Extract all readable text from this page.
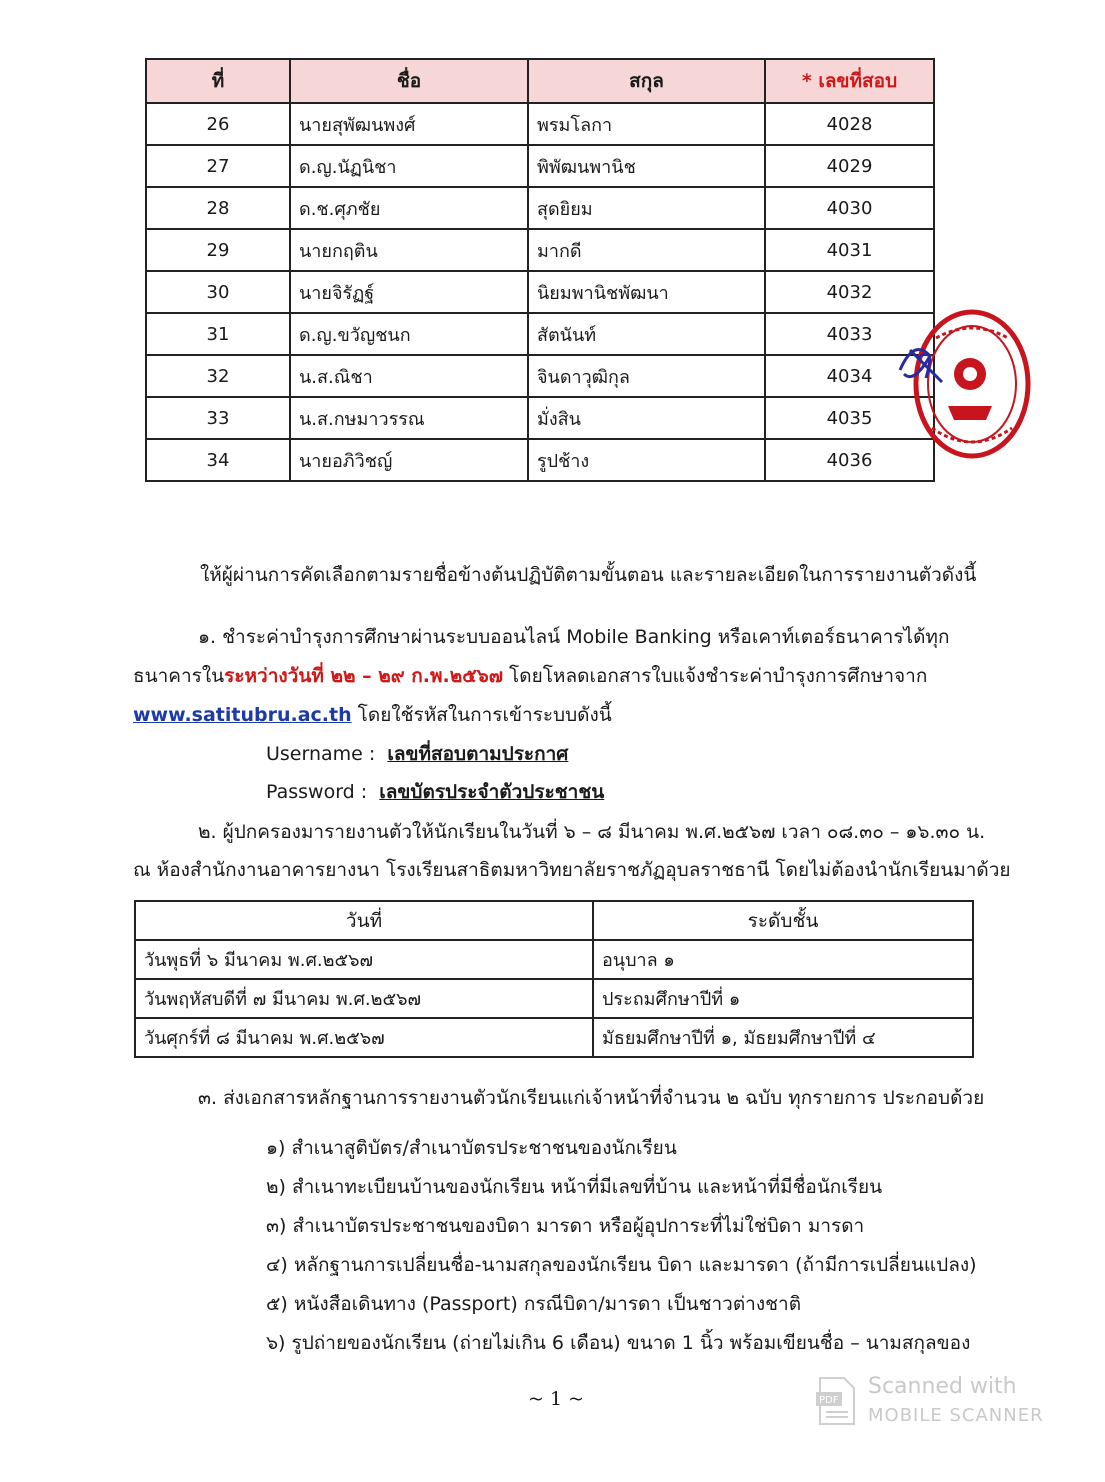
ที่	ชื่อ	สกุล	* เลขที่สอบ
26	นายสุพัฒนพงศ์	พรมโลกา	4028
27	ด.ญ.นัฏนิชา	พิพัฒนพานิช	4029
28	ด.ช.ศุภชัย	สุดยิยม	4030
29	นายกฤติน	มากดี	4031
30	นายจิรัฏฐ์	นิยมพานิชพัฒนา	4032
31	ด.ญ.ขวัญชนก	สัตนันท์	4033
32	น.ส.ณิชา	จินดาวุฒิกุล	4034
33	น.ส.กษมาวรรณ	มั่งสิน	4035
34	นายอภิวิชญ์	รูปช้าง	4036
ให้ผู้ผ่านการคัดเลือกตามรายชื่อข้างต้นปฏิบัติตามขั้นตอน และรายละเอียดในการรายงานตัวดังนี้
๑. ชำระค่าบำรุงการศึกษาผ่านระบบออนไลน์ Mobile Banking หรือเคาท์เตอร์ธนาคารได้ทุก
ธนาคารในระหว่างวันที่ ๒๒ – ๒๙ ก.พ.๒๕๖๗ โดยโหลดเอกสารใบแจ้งชำระค่าบำรุงการศึกษาจาก
www.satitubru.ac.th โดยใช้รหัสในการเข้าระบบดังนี้
Username : เลขที่สอบตามประกาศ
Password : เลขบัตรประจำตัวประชาชน
๒. ผู้ปกครองมารายงานตัวให้นักเรียนในวันที่ ๖ – ๘ มีนาคม พ.ศ.๒๕๖๗ เวลา ๐๘.๓๐ – ๑๖.๓๐ น.
ณ ห้องสำนักงานอาคารยางนา โรงเรียนสาธิตมหาวิทยาลัยราชภัฏอุบลราชธานี โดยไม่ต้องนำนักเรียนมาด้วย
วันที่	ระดับชั้น
วันพุธที่ ๖ มีนาคม พ.ศ.๒๕๖๗	อนุบาล ๑
วันพฤหัสบดีที่ ๗ มีนาคม พ.ศ.๒๕๖๗	ประถมศึกษาปีที่ ๑
วันศุกร์ที่ ๘ มีนาคม พ.ศ.๒๕๖๗	มัธยมศึกษาปีที่ ๑, มัธยมศึกษาปีที่ ๔
๓. ส่งเอกสารหลักฐานการรายงานตัวนักเรียนแก่เจ้าหน้าที่จำนวน ๒ ฉบับ ทุกรายการ ประกอบด้วย
๑) สำเนาสูติบัตร/สำเนาบัตรประชาชนของนักเรียน
๒) สำเนาทะเบียนบ้านของนักเรียน หน้าที่มีเลขที่บ้าน และหน้าที่มีชื่อนักเรียน
๓) สำเนาบัตรประชาชนของบิดา มารดา หรือผู้อุปการะที่ไม่ใช่บิดา มารดา
๔) หลักฐานการเปลี่ยนชื่อ-นามสกุลของนักเรียน บิดา และมารดา (ถ้ามีการเปลี่ยนแปลง)
๕) หนังสือเดินทาง (Passport) กรณีบิดา/มารดา เป็นชาวต่างชาติ
๖) รูปถ่ายของนักเรียน (ถ่ายไม่เกิน 6 เดือน) ขนาด 1 นิ้ว พร้อมเขียนชื่อ – นามสกุลของ
~ 1 ~	PDF
Scanned with
MOBILE SCANNER
